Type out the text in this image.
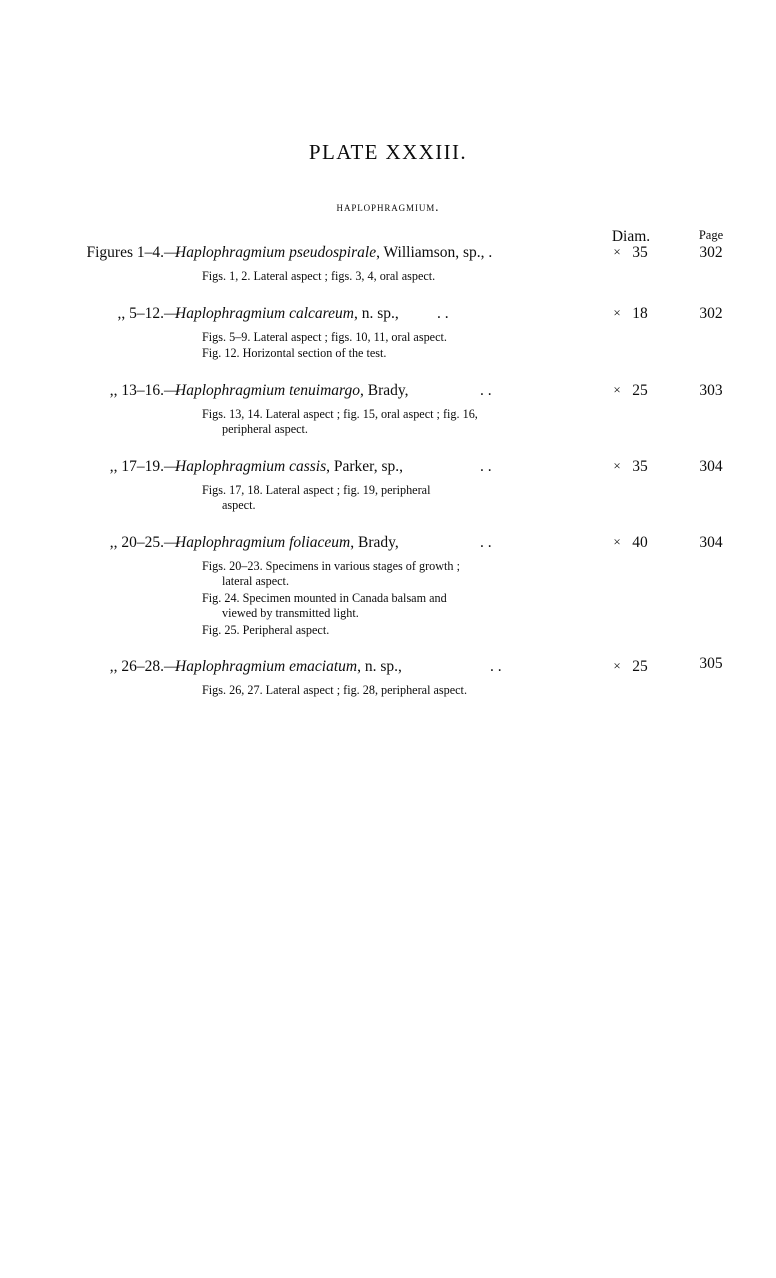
PLATE XXXIII.
haplophragmium.
Diam.	Page
Figures 1–4. —
Haplophragmium pseudospirale, Williamson, sp., .	× 35	302
Figs. 1, 2. Lateral aspect ; figs. 3, 4, oral aspect.
,, 5–12. —
Haplophragmium calcareum, n. sp., . .	× 18	302
Figs. 5–9. Lateral aspect ; figs. 10, 11, oral aspect.
Fig. 12. Horizontal section of the test.
,, 13–16. —
Haplophragmium tenuimargo, Brady,	. .	× 25	303
Figs. 13, 14. Lateral aspect ; fig. 15, oral aspect ; fig. 16,
peripheral aspect.
,, 17–19. —
Haplophragmium cassis, Parker, sp.,	. .	× 35	304
Figs. 17, 18. Lateral aspect ; fig. 19, peripheral
aspect.
,, 20–25. —
Haplophragmium foliaceum, Brady,	. .	× 40	304
Figs. 20–23. Specimens in various stages of growth ;
lateral aspect.
Fig. 24. Specimen mounted in Canada balsam and
viewed by transmitted light.
Fig. 25. Peripheral aspect.
,, 26–28. —
Haplophragmium emaciatum, n. sp.,	. .	× 25	305
Figs. 26, 27. Lateral aspect ; fig. 28, peripheral aspect.
